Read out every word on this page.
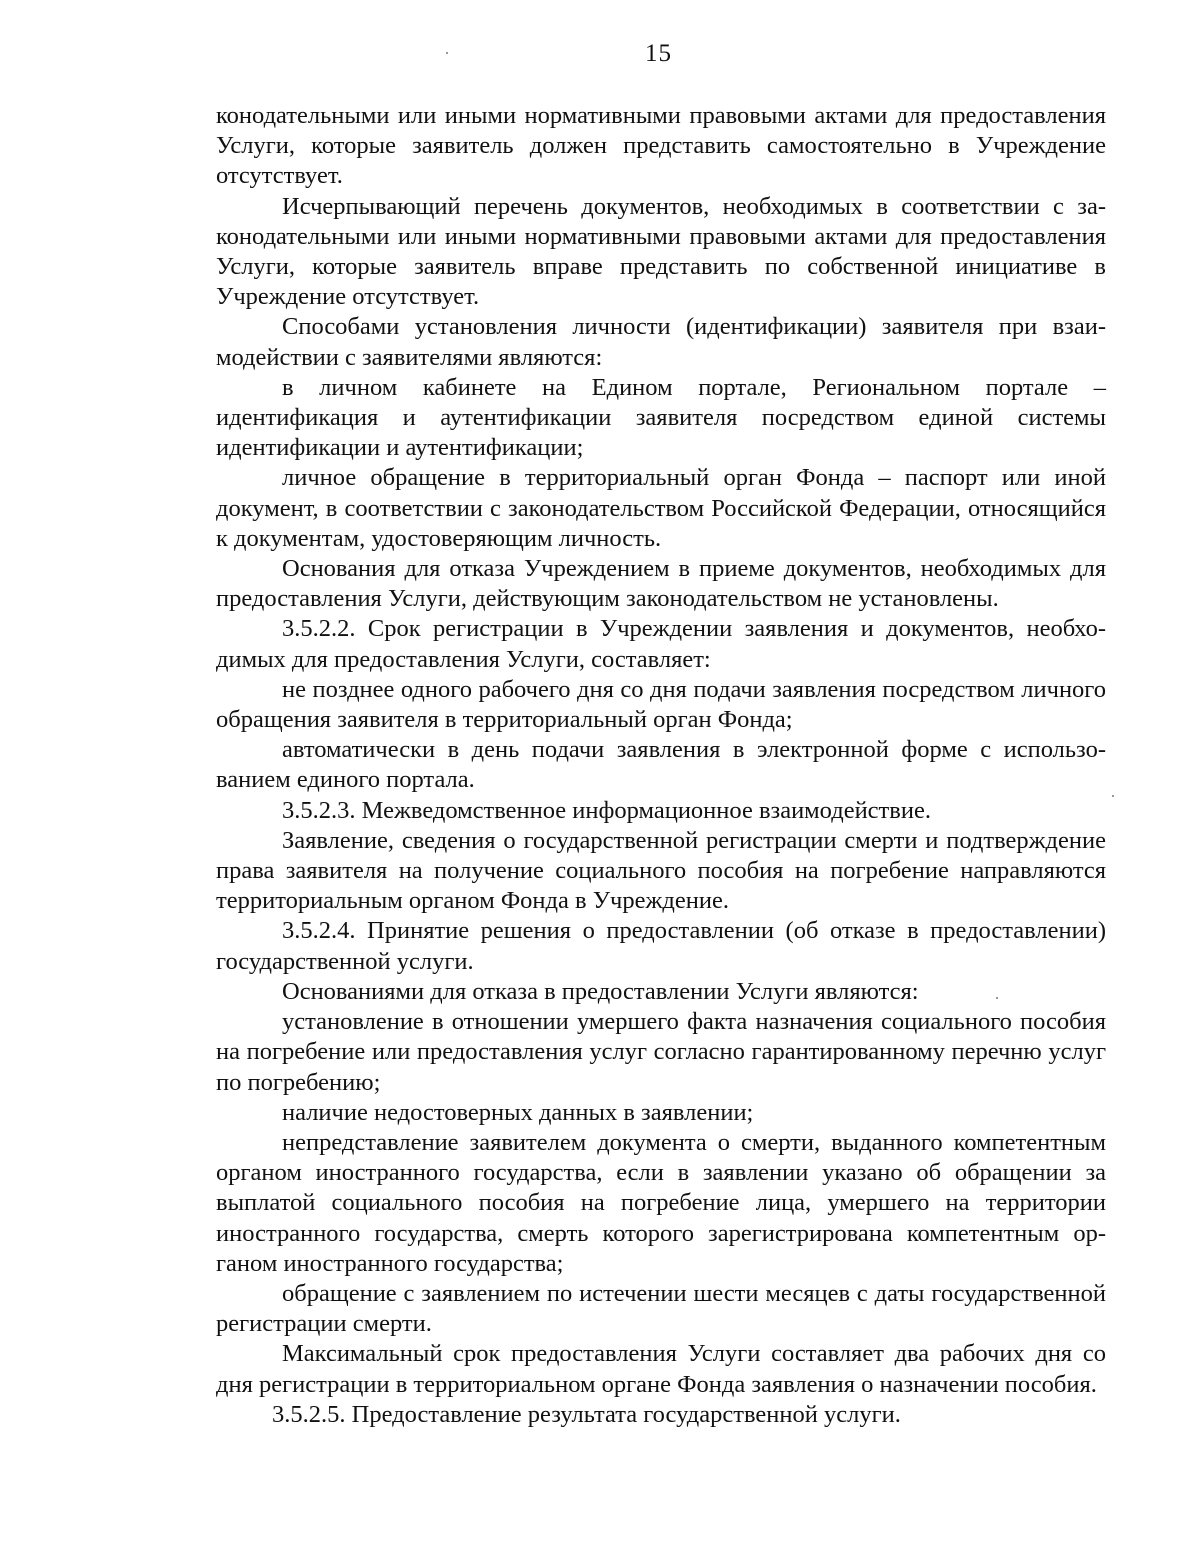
15

конодательными или иными нормативными правовыми актами для предоставления Услуги, которые заявитель должен представить самостоятельно в Учреждение отсутствует.

Исчерпывающий перечень документов, необходимых в соответствии с законодательными или иными нормативными правовыми актами для предоставления Услуги, которые заявитель вправе представить по собственной инициативе в Учреждение отсутствует.

Способами установления личности (идентификации) заявителя при взаимодействии с заявителями являются:

в личном кабинете на Едином портале, Региональном портале – идентификация и аутентификации заявителя посредством единой системы идентификации и аутентификации;

личное обращение в территориальный орган Фонда – паспорт или иной документ, в соответствии с законодательством Российской Федерации, относящийся к документам, удостоверяющим личность.

Основания для отказа Учреждением в приеме документов, необходимых для предоставления Услуги, действующим законодательством не установлены.

3.5.2.2. Срок регистрации в Учреждении заявления и документов, необходимых для предоставления Услуги, составляет:

не позднее одного рабочего дня со дня подачи заявления посредством личного обращения заявителя в территориальный орган Фонда;

автоматически в день подачи заявления в электронной форме с использованием единого портала.

3.5.2.3. Межведомственное информационное взаимодействие.

Заявление, сведения о государственной регистрации смерти и подтверждение права заявителя на получение социального пособия на погребение направляются территориальным органом Фонда в Учреждение.

3.5.2.4. Принятие решения о предоставлении (об отказе в предоставлении) государственной услуги.

Основаниями для отказа в предоставлении Услуги являются:

установление в отношении умершего факта назначения социального пособия на погребение или предоставления услуг согласно гарантированному перечню услуг по погребению;

наличие недостоверных данных в заявлении;

непредставление заявителем документа о смерти, выданного компетентным органом иностранного государства, если в заявлении указано об обращении за выплатой социального пособия на погребение лица, умершего на территории иностранного государства, смерть которого зарегистрирована компетентным органом иностранного государства;

обращение с заявлением по истечении шести месяцев с даты государственной регистрации смерти.

Максимальный срок предоставления Услуги составляет два рабочих дня со дня регистрации в территориальном органе Фонда заявления о назначении пособия.

3.5.2.5. Предоставление результата государственной услуги.
